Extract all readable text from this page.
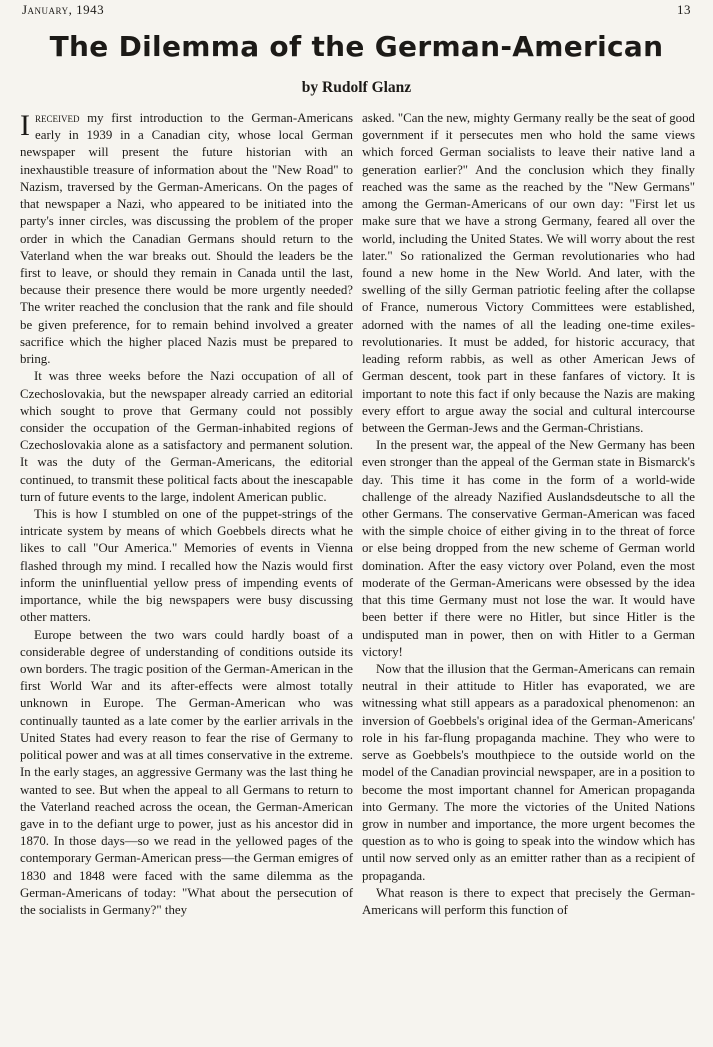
January, 1943	13
The Dilemma of the German-American
by Rudolf Glanz

Ireceived my first introduction to the German-Americans early in 1939 in a Canadian city, whose local German newspaper will present the future historian with an inexhaustible treasure of information about the "New Road" to Nazism, traversed by the German-Americans. On the pages of that newspaper a Nazi, who appeared to be initiated into the party's inner circles, was discussing the problem of the proper order in which the Canadian Germans should return to the Vaterland when the war breaks out. Should the leaders be the first to leave, or should they remain in Canada until the last, because their presence there would be more urgently needed? The writer reached the conclusion that the rank and file should be given preference, for to remain behind involved a greater sacrifice which the higher placed Nazis must be prepared to bring.

It was three weeks before the Nazi occupation of all of Czechoslovakia, but the newspaper already carried an editorial which sought to prove that Germany could not possibly consider the occupation of the German-inhabited regions of Czechoslovakia alone as a satisfactory and permanent solution. It was the duty of the German-Americans, the editorial continued, to transmit these political facts about the inescapable turn of future events to the large, indolent American public.

This is how I stumbled on one of the puppet-strings of the intricate system by means of which Goebbels directs what he likes to call "Our America." Memories of events in Vienna flashed through my mind. I recalled how the Nazis would first inform the uninfluential yellow press of impending events of importance, while the big newspapers were busy discussing other matters.

Europe between the two wars could hardly boast of a considerable degree of understanding of conditions outside its own borders. The tragic position of the German-American in the first World War and its after-effects were almost totally unknown in Europe. The German-American who was continually taunted as a late comer by the earlier arrivals in the United States had every reason to fear the rise of Germany to political power and was at all times conservative in the extreme. In the early stages, an aggressive Germany was the last thing he wanted to see. But when the appeal to all Germans to return to the Vaterland reached across the ocean, the German-American gave in to the defiant urge to power, just as his ancestor did in 1870. In those days—so we read in the yellowed pages of the contemporary German-American press—the German emigres of 1830 and 1848 were faced with the same dilemma as the German-Americans of today: "What about the persecution of the socialists in Germany?" they

asked. "Can the new, mighty Germany really be the seat of good government if it persecutes men who hold the same views which forced German socialists to leave their native land a generation earlier?" And the conclusion which they finally reached was the same as the reached by the "New Germans" among the German-Americans of our own day: "First let us make sure that we have a strong Germany, feared all over the world, including the United States. We will worry about the rest later." So rationalized the German revolutionaries who had found a new home in the New World. And later, with the swelling of the silly German patriotic feeling after the collapse of France, numerous Victory Committees were established, adorned with the names of all the leading one-time exiles-revolutionaries. It must be added, for historic accuracy, that leading reform rabbis, as well as other American Jews of German descent, took part in these fanfares of victory. It is important to note this fact if only because the Nazis are making every effort to argue away the social and cultural intercourse between the German-Jews and the German-Christians.

In the present war, the appeal of the New Germany has been even stronger than the appeal of the German state in Bismarck's day. This time it has come in the form of a world-wide challenge of the already Nazified Auslandsdeutsche to all the other Germans. The conservative German-American was faced with the simple choice of either giving in to the threat of force or else being dropped from the new scheme of German world domination. After the easy victory over Poland, even the most moderate of the German-Americans were obsessed by the idea that this time Germany must not lose the war. It would have been better if there were no Hitler, but since Hitler is the undisputed man in power, then on with Hitler to a German victory!

Now that the illusion that the German-Americans can remain neutral in their attitude to Hitler has evaporated, we are witnessing what still appears as a paradoxical phenomenon: an inversion of Goebbels's original idea of the German-Americans' role in his far-flung propaganda machine. They who were to serve as Goebbels's mouthpiece to the outside world on the model of the Canadian provincial newspaper, are in a position to become the most important channel for American propaganda into Germany. The more the victories of the United Nations grow in number and importance, the more urgent becomes the question as to who is going to speak into the window which has until now served only as an emitter rather than as a recipient of propaganda.

What reason is there to expect that precisely the German-Americans will perform this function of
